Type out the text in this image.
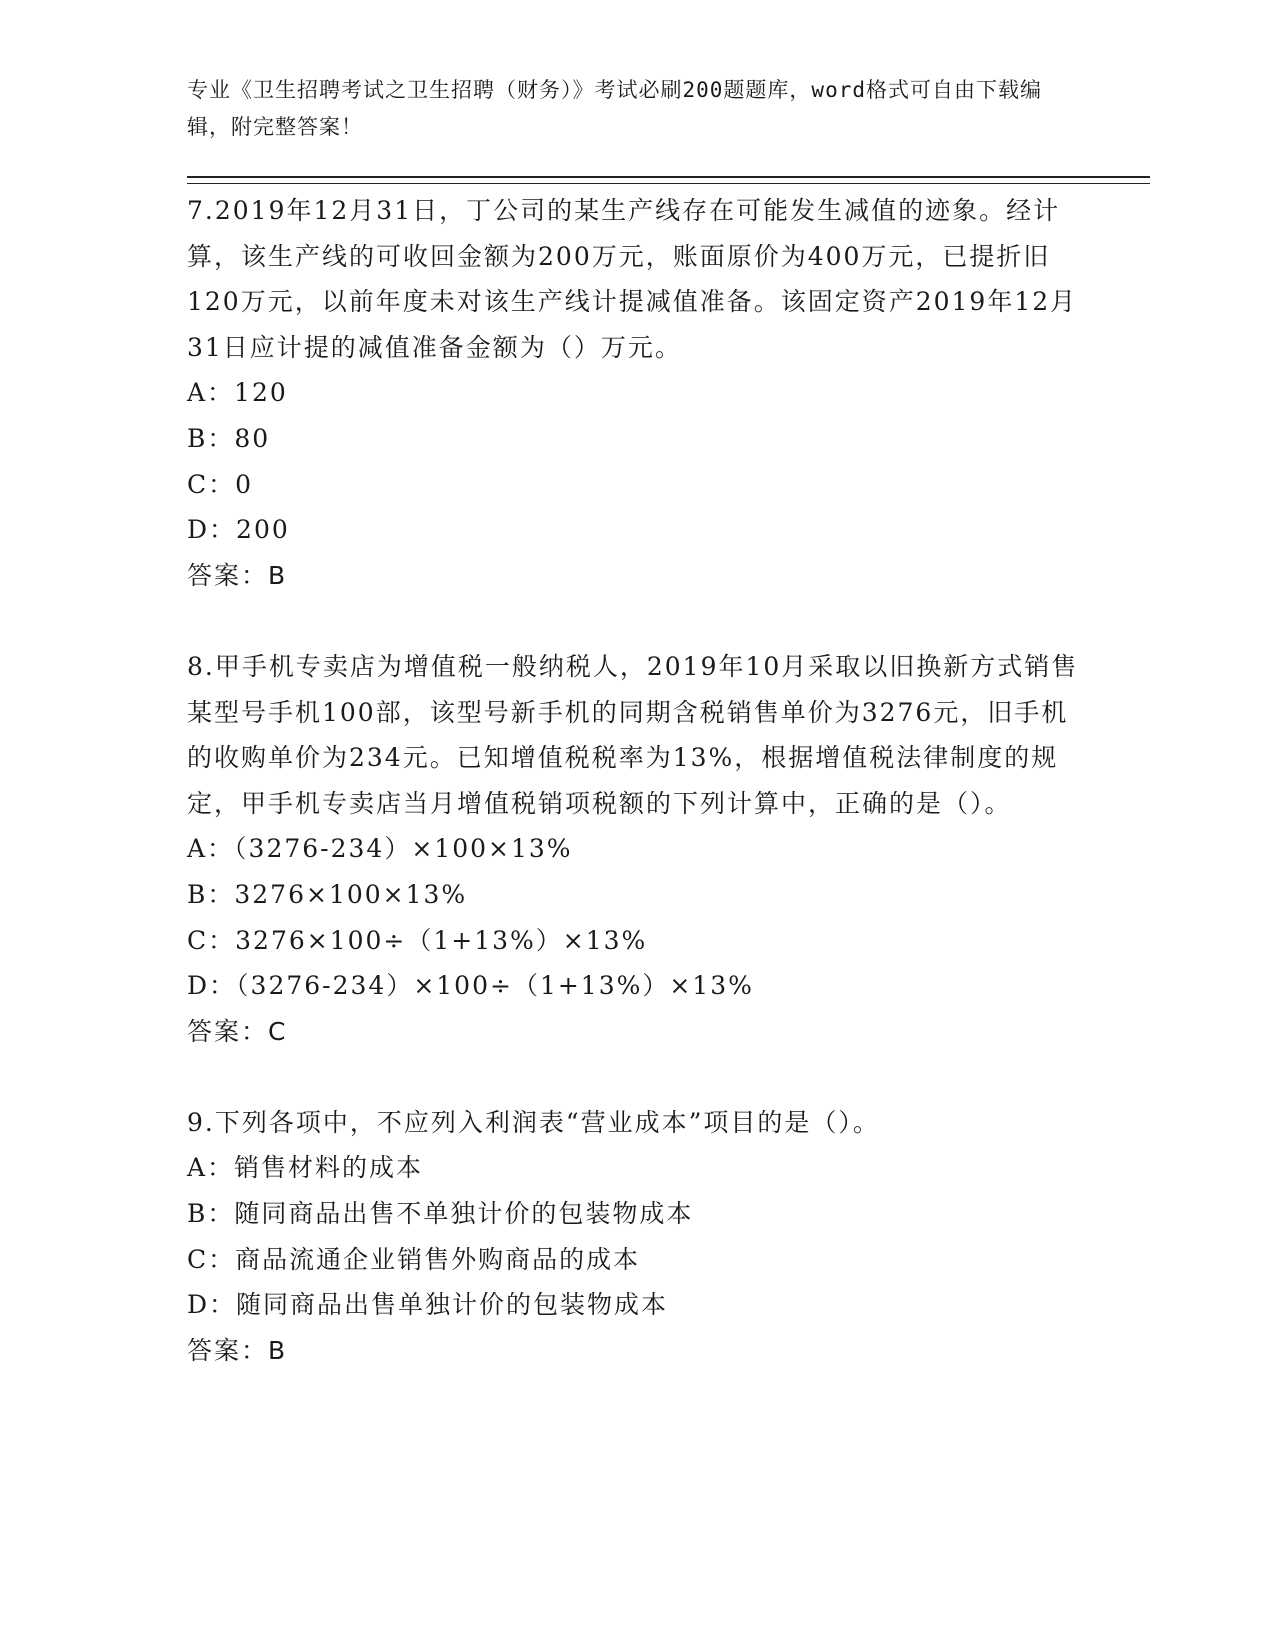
专业《卫生招聘考试之卫生招聘（财务）》考试必刷200题题库，word格式可自由下载编辑，附完整答案！

7.2019年12月31日，丁公司的某生产线存在可能发生减值的迹象。经计算，该生产线的可收回金额为200万元，账面原价为400万元，已提折旧120万元，以前年度未对该生产线计提减值准备。该固定资产2019年12月31日应计提的减值准备金额为（）万元。

A：120

B：80

C：0

D：200

答案：B

8.甲手机专卖店为增值税一般纳税人，2019年10月采取以旧换新方式销售某型号手机100部，该型号新手机的同期含税销售单价为3276元，旧手机的收购单价为234元。已知增值税税率为13%，根据增值税法律制度的规定，甲手机专卖店当月增值税销项税额的下列计算中，正确的是（）。

A：（3276-234）×100×13%

B：3276×100×13%

C：3276×100÷（1+13%）×13%

D：（3276-234）×100÷（1+13%）×13%

答案：C

9.下列各项中，不应列入利润表“营业成本”项目的是（）。

A：销售材料的成本

B：随同商品出售不单独计价的包装物成本

C：商品流通企业销售外购商品的成本

D：随同商品出售单独计价的包装物成本

答案：B
